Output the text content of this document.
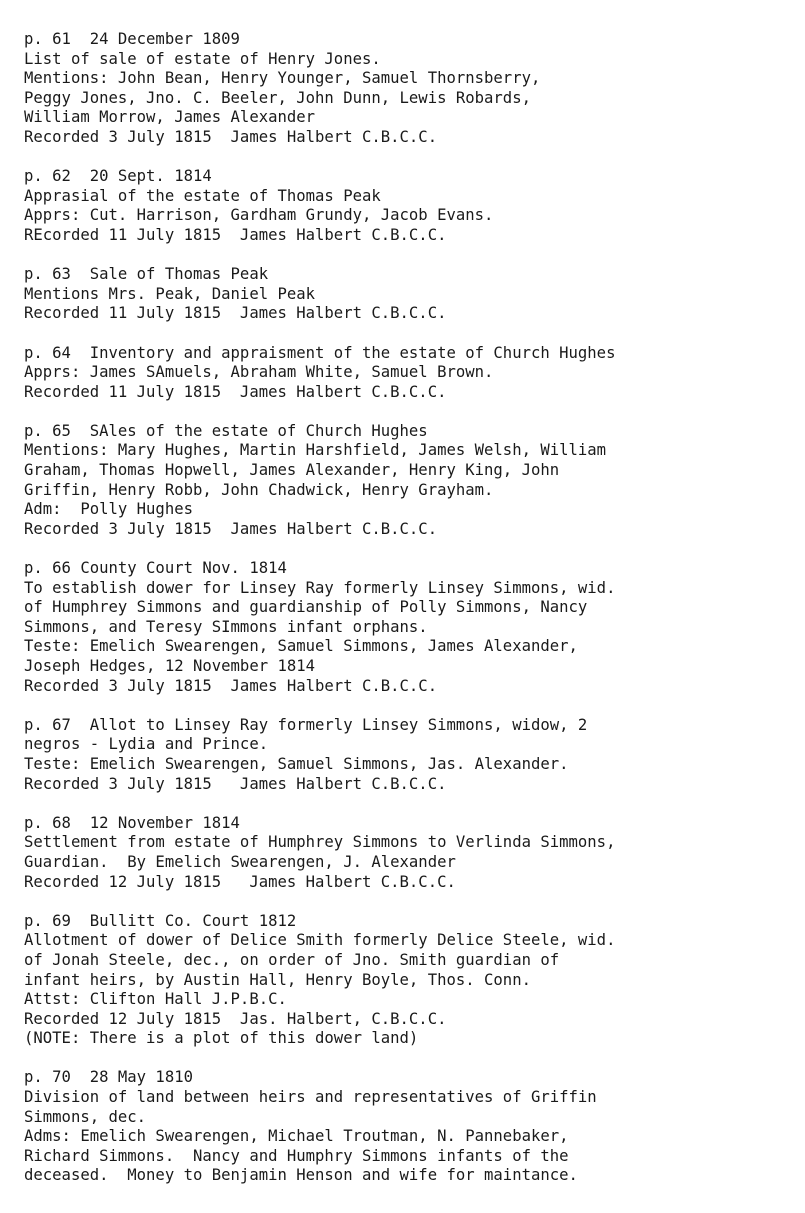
p. 61  24 December 1809
List of sale of estate of Henry Jones.
Mentions: John Bean, Henry Younger, Samuel Thornsberry,
Peggy Jones, Jno. C. Beeler, John Dunn, Lewis Robards,
William Morrow, James Alexander
Recorded 3 July 1815  James Halbert C.B.C.C.
p. 62  20 Sept. 1814
Apprasial of the estate of Thomas Peak
Apprs: Cut. Harrison, Gardham Grundy, Jacob Evans.
REcorded 11 July 1815  James Halbert C.B.C.C.
p. 63  Sale of Thomas Peak
Mentions Mrs. Peak, Daniel Peak
Recorded 11 July 1815  James Halbert C.B.C.C.
p. 64  Inventory and appraisment of the estate of Church Hughes
Apprs: James SAmuels, Abraham White, Samuel Brown.
Recorded 11 July 1815  James Halbert C.B.C.C.
p. 65  SAles of the estate of Church Hughes
Mentions: Mary Hughes, Martin Harshfield, James Welsh, William
Graham, Thomas Hopwell, James Alexander, Henry King, John
Griffin, Henry Robb, John Chadwick, Henry Grayham.
Adm:  Polly Hughes
Recorded 3 July 1815  James Halbert C.B.C.C.
p. 66 County Court Nov. 1814
To establish dower for Linsey Ray formerly Linsey Simmons, wid.
of Humphrey Simmons and guardianship of Polly Simmons, Nancy
Simmons, and Teresy SImmons infant orphans.
Teste: Emelich Swearengen, Samuel Simmons, James Alexander,
Joseph Hedges, 12 November 1814
Recorded 3 July 1815  James Halbert C.B.C.C.
p. 67  Allot to Linsey Ray formerly Linsey Simmons, widow, 2
negros - Lydia and Prince.
Teste: Emelich Swearengen, Samuel Simmons, Jas. Alexander.
Recorded 3 July 1815   James Halbert C.B.C.C.
p. 68  12 November 1814
Settlement from estate of Humphrey Simmons to Verlinda Simmons,
Guardian.  By Emelich Swearengen, J. Alexander
Recorded 12 July 1815   James Halbert C.B.C.C.
p. 69  Bullitt Co. Court 1812
Allotment of dower of Delice Smith formerly Delice Steele, wid.
of Jonah Steele, dec., on order of Jno. Smith guardian of
infant heirs, by Austin Hall, Henry Boyle, Thos. Conn.
Attst: Clifton Hall J.P.B.C.
Recorded 12 July 1815  Jas. Halbert, C.B.C.C.
(NOTE: There is a plot of this dower land)
p. 70  28 May 1810
Division of land between heirs and representatives of Griffin
Simmons, dec.
Adms: Emelich Swearengen, Michael Troutman, N. Pannebaker,
Richard Simmons.  Nancy and Humphry Simmons infants of the
deceased.  Money to Benjamin Henson and wife for maintance.
